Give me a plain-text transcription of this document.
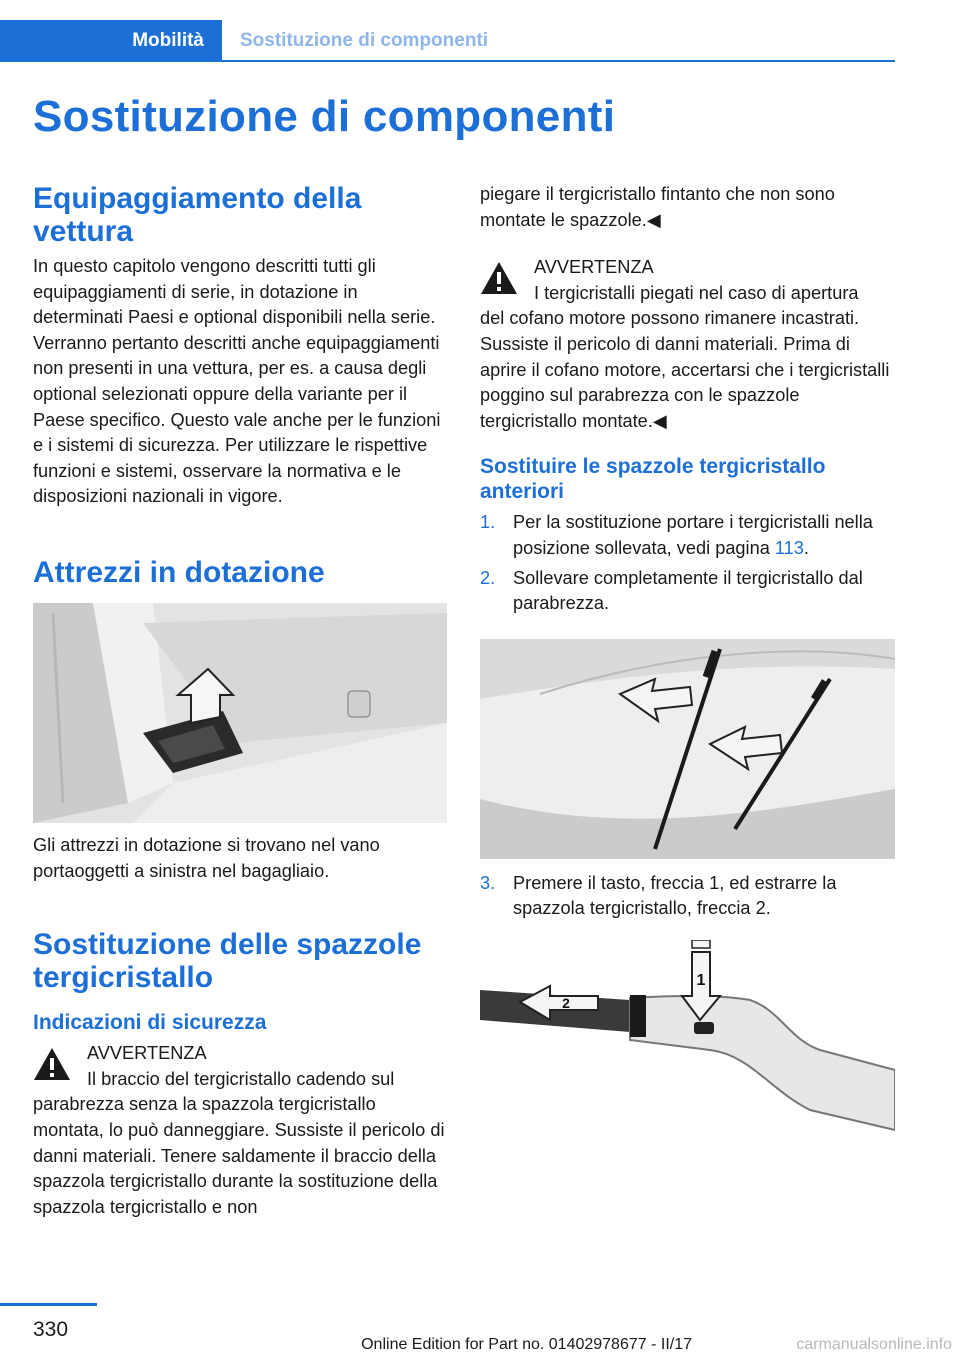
Mobilità	Sostituzione di componenti
Sostituzione di componenti
Equipaggiamento della vettura

In questo capitolo vengono descritti tutti gli equipaggiamenti di serie, in dotazione in determinati Paesi e optional disponibili nella serie. Verranno pertanto descritti anche equipaggiamenti non presenti in una vettura, per es. a causa degli optional selezionati oppure della variante per il Paese specifico. Questo vale anche per le funzioni e i sistemi di sicurezza. Per utilizzare le rispettive funzioni e sistemi, osservare la normativa e le disposizioni nazionali in vigore.

Attrezzi in dotazione

Gli attrezzi in dotazione si trovano nel vano portaoggetti a sinistra nel bagagliaio.

Sostituzione delle spazzole tergicristallo
Indicazioni di sicurezza
AVVERTENZA

Il braccio del tergicristallo cadendo sul

parabrezza senza la spazzola tergicristallo montata, lo può danneggiare. Sussiste il pericolo di danni materiali. Tenere saldamente il braccio della spazzola tergicristallo durante la sostituzione della spazzola tergicristallo e non

piegare il tergicristallo fintanto che non sono montate le spazzole.◀

AVVERTENZA

I tergicristalli piegati nel caso di apertura

del cofano motore possono rimanere incastrati. Sussiste il pericolo di danni materiali. Prima di aprire il cofano motore, accertarsi che i tergicristalli poggino sul parabrezza con le spazzole tergicristallo montate.◀

Sostituire le spazzole tergicristallo anteriori
1. Per la sostituzione portare i tergicristalli nella posizione sollevata, vedi pagina 113.
2. Sollevare completamente il tergicristallo dal parabrezza.
3. Premere il tasto, freccia 1, ed estrarre la spazzola tergicristallo, freccia 2.
1
2
330
Online Edition for Part no. 01402978677 - II/17	carmanualsonline.info
